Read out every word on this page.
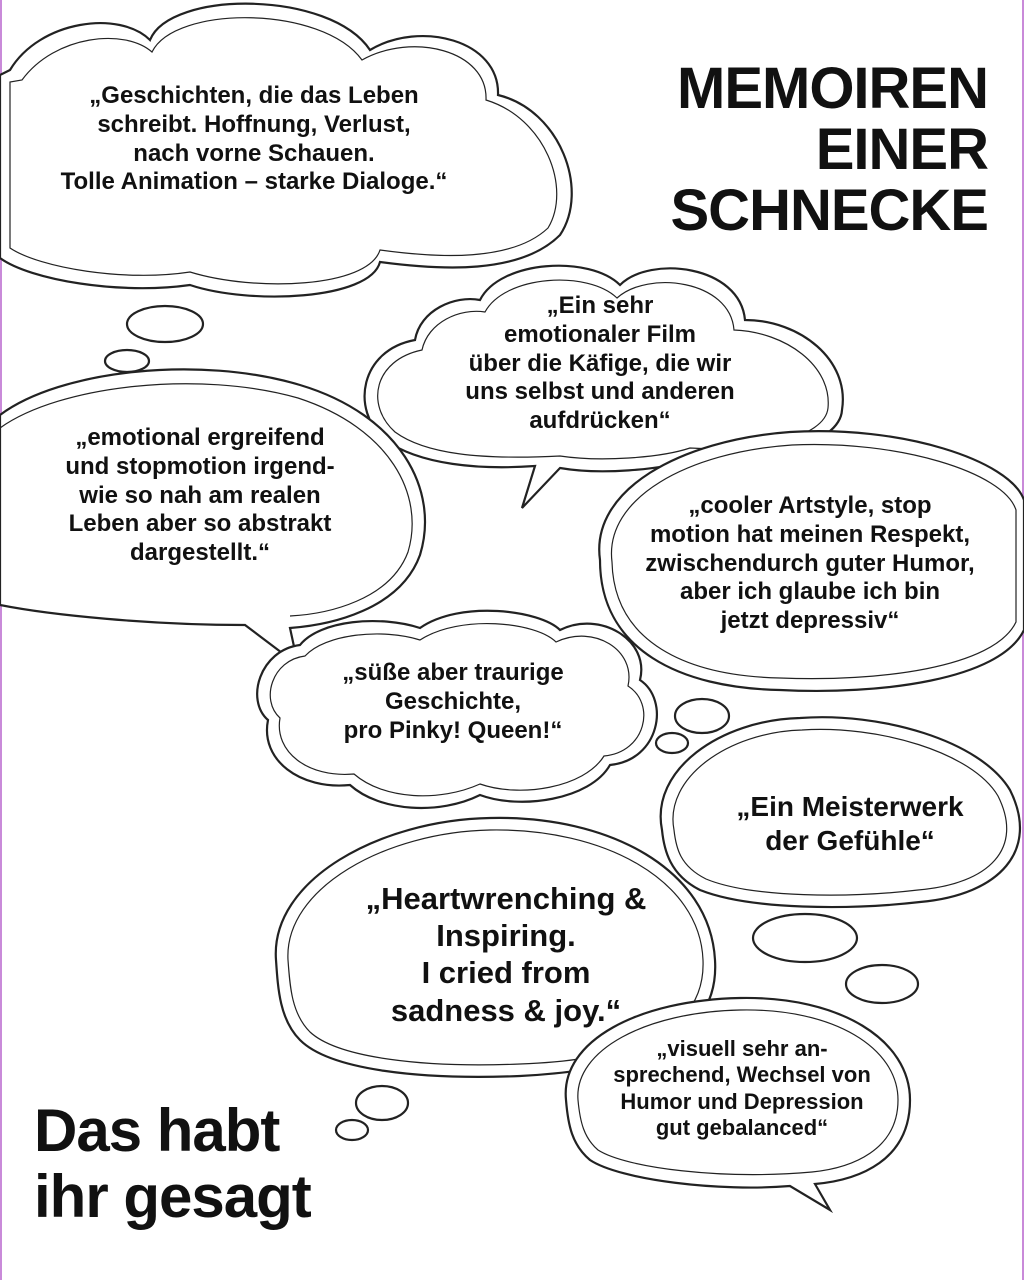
MEMOIREN
EINER
SCHNECKE

„Geschichten, die das Leben
schreibt. Hoffnung, Verlust,
nach vorne Schauen.
Tolle Animation – starke Dialoge.“

„Ein sehr
emotionaler Film
über die Käfige, die wir
uns selbst und anderen
aufdrücken“

„emotional ergreifend
und stopmotion irgend-
wie so nah am realen
Leben aber so abstrakt
dargestellt.“

„cooler Artstyle, stop
motion hat meinen Respekt,
zwischendurch guter Humor,
aber ich glaube ich bin
jetzt depressiv“

„süße aber traurige
Geschichte,
pro Pinky! Queen!“

„Ein Meisterwerk
der Gefühle“

„Heartwrenching &
Inspiring.
I cried from
sadness & joy.“

„visuell sehr an-
sprechend, Wechsel von
Humor und Depression
gut gebalanced“

Das habt
ihr gesagt
